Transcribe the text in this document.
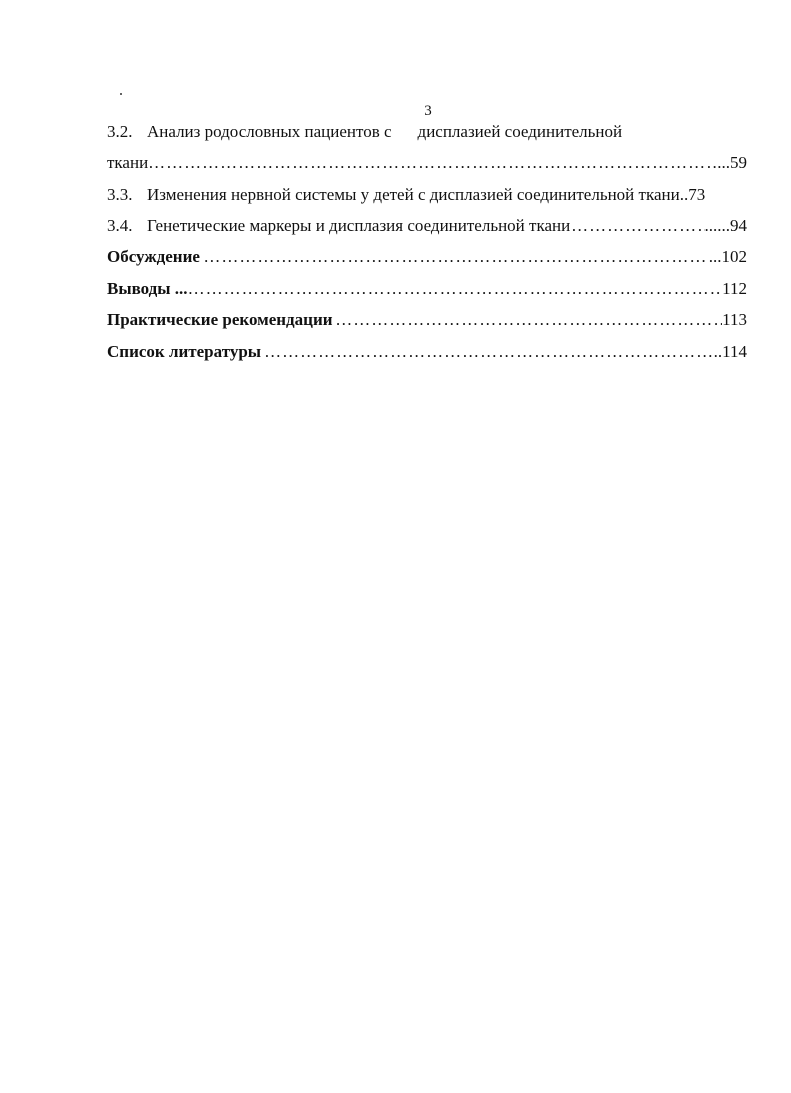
3
3.2. Анализ родословных пациентов с дисплазией соединительной
ткани ……………………………………………………………………………………………………………………………………………………………………………	...59
3.3. Изменения нервной системы у детей с дисплазией соединительной ткани ..73
3.4. Генетические маркеры и дисплазия соединительной ткани ……………………………………………………………………………………………………………………………………………………………………………	......94
Обсуждение ……………………………………………………………………………………………………………………………………………………………………………	...102
Выводы ... ……………………………………………………………………………………………………………………………………………………………………………	112
Практические рекомендации ……………………………………………………………………………………………………………………………………………………………………………	113
Список литературы ……………………………………………………………………………………………………………………………………………………………………………	..114
